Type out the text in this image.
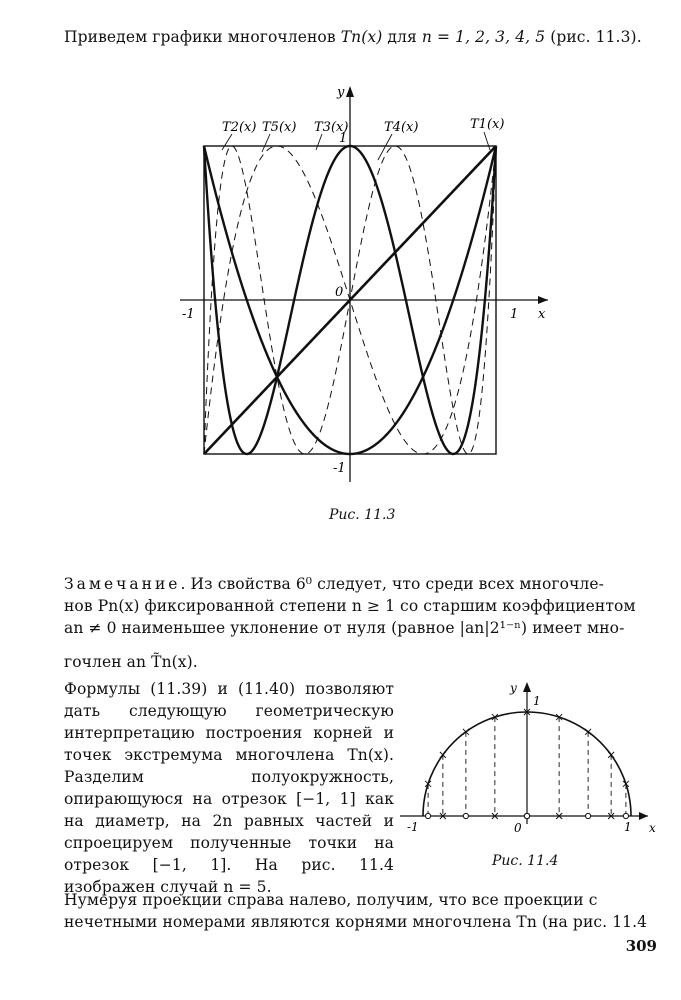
Приведем графики многочленов Tn(x) для n = 1, 2, 3, 4, 5 (рис. 11.3).
T2(x) T5(x) T3(x)	T4(x)	T1(x)
y
x
1
0
-1
-1	1
Рис. 11.3
Замечание. Из свойства 6⁰ следует, что среди всех многочле-
нов Pn(x) фиксированной степени n ≥ 1 со старшим коэффициентом
an ≠ 0 наименьшее уклонение от нуля (равное |an|2¹⁻ⁿ) имеет мно-
гочлен an T̃n(x).
Формулы (11.39) и (11.40) позволяют дать следующую геометрическую интерпретацию построения корней и точек экстремума многочлена Tn(x). Разделим полуокружность, опирающуюся на отрезок [−1, 1] как на диаметр, на 2n равных частей и спроецируем полученные точки на отрезок [−1, 1]. На рис. 11.4 изображен случай n = 5.
y
1
-1	0	1 x
Рис. 11.4
Нумеруя проекции справа налево, получим, что все проекции с
нечетными номерами являются корнями многочлена Tn (на рис. 11.4
309
